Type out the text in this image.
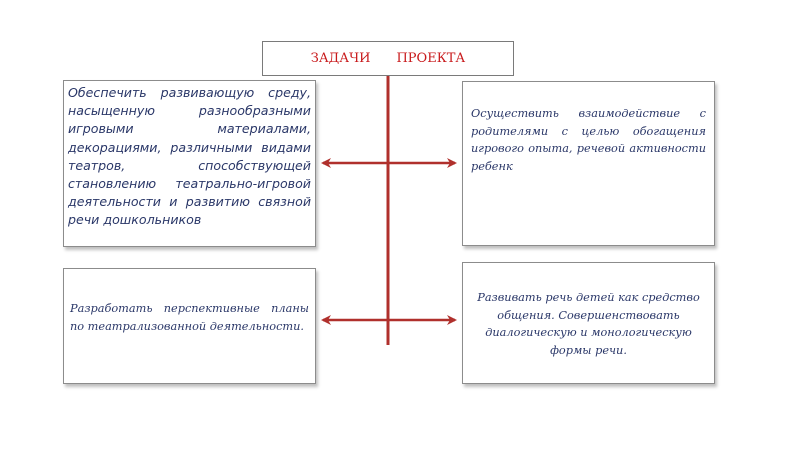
ЗАДАЧИ ПРОЕКТА

Обеспечить развивающую среду, насыщенную разнообразными игровыми материалами, декорациями, различными видами театров, способствующей становлению театрально-игровой деятельности и развитию связной речи дошкольников

Осуществить взаимодействие с родителями с целью обогащения игрового опыта, речевой активности ребенк
Разработать перспективные планы по театрализованной деятельности.
Развивать речь детей как средство общения. Совершенствовать диалогическую и монологическую формы речи.
